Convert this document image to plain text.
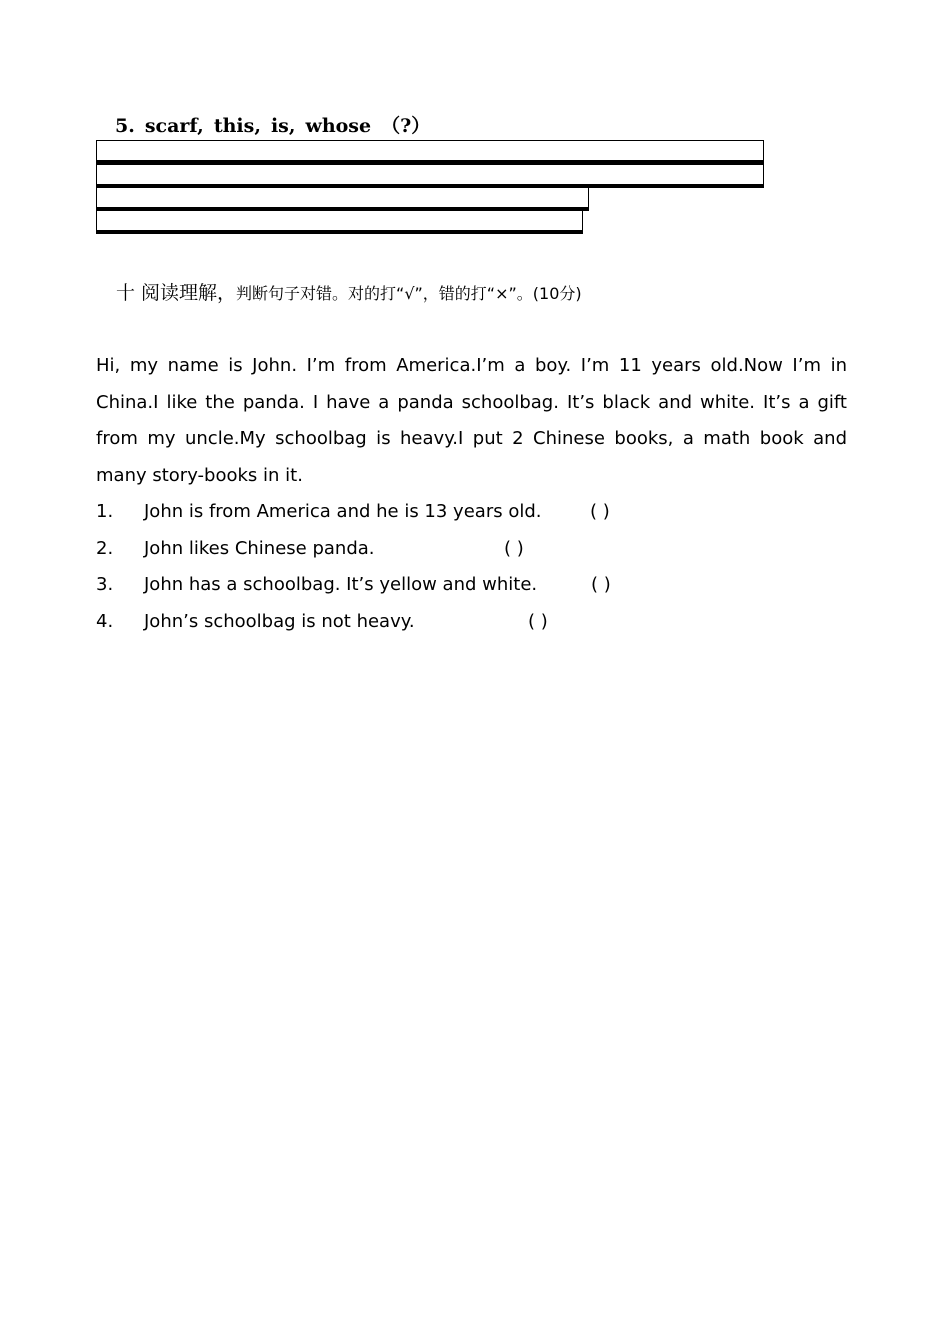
5. scarf, this, is, whose （?）
十 阅读理解，判断句子对错。对的打“√”，错的打“×”。(10分)

Hi, my name is John. I’m from America.I’m a boy. I’m 11 years old.Now I’m in China.I like the panda. I have a panda schoolbag. It’s black and white. It’s a gift from my uncle.My schoolbag is heavy.I put 2 Chinese books, a math book and many story-books in it.

1. John is from America and he is 13 years old.	( )
2. John likes Chinese panda.	( )
3. John has a schoolbag. It’s yellow and white.	( )
4. John’s schoolbag is not heavy.	( )
